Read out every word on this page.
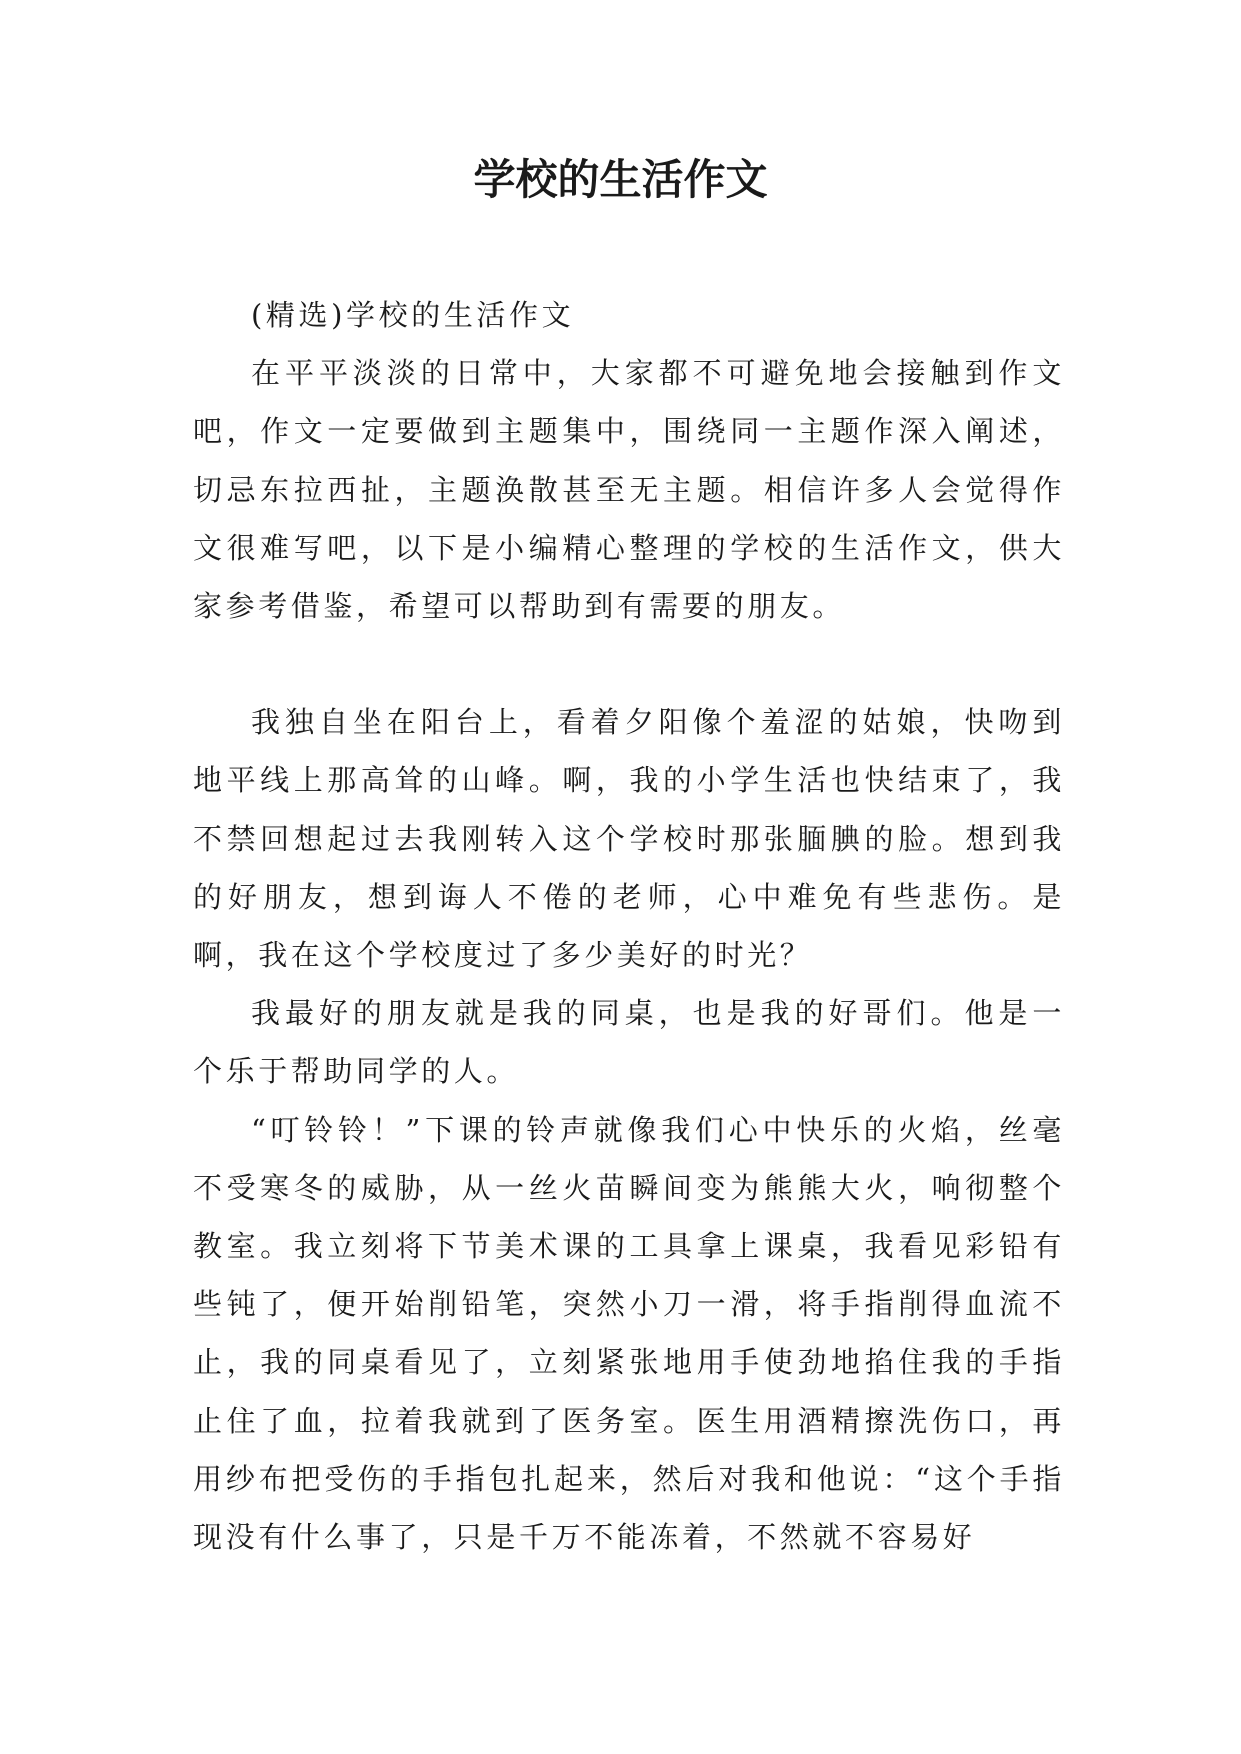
学校的生活作文

(精选)学校的生活作文

在平平淡淡的日常中，大家都不可避免地会接触到作文吧，作文一定要做到主题集中，围绕同一主题作深入阐述，切忌东拉西扯，主题涣散甚至无主题。相信许多人会觉得作文很难写吧，以下是小编精心整理的学校的生活作文，供大家参考借鉴，希望可以帮助到有需要的朋友。

我独自坐在阳台上，看着夕阳像个羞涩的姑娘，快吻到地平线上那高耸的山峰。啊，我的小学生活也快结束了，我不禁回想起过去我刚转入这个学校时那张腼腆的脸。想到我的好朋友，想到诲人不倦的老师，心中难免有些悲伤。是啊，我在这个学校度过了多少美好的时光？

我最好的朋友就是我的同桌，也是我的好哥们。他是一个乐于帮助同学的人。

“叮铃铃！”下课的铃声就像我们心中快乐的火焰，丝毫不受寒冬的威胁，从一丝火苗瞬间变为熊熊大火，响彻整个教室。我立刻将下节美术课的工具拿上课桌，我看见彩铅有些钝了，便开始削铅笔，突然小刀一滑，将手指削得血流不止，我的同桌看见了，立刻紧张地用手使劲地掐住我的手指止住了血，拉着我就到了医务室。医生用酒精擦洗伤口，再用纱布把受伤的手指包扎起来，然后对我和他说：“这个手指现没有什么事了，只是千万不能冻着，不然就不容易好
